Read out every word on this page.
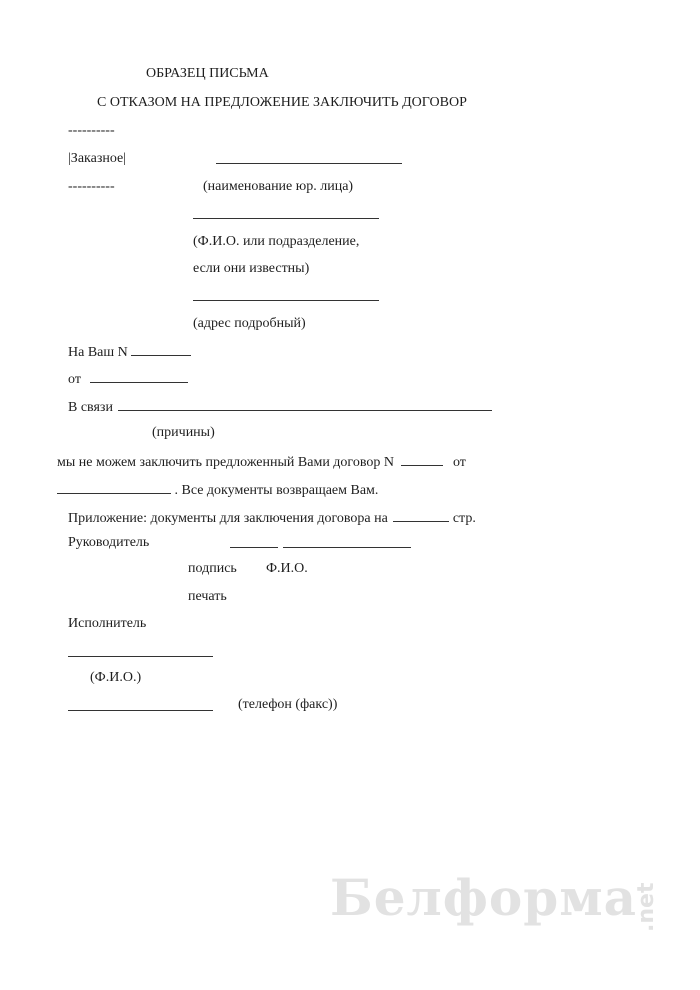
ОБРАЗЕЦ ПИСЬМА
С ОТКАЗОМ НА ПРЕДЛОЖЕНИЕ ЗАКЛЮЧИТЬ ДОГОВОР
----------
|Заказное|
----------	(наименование юр. лица)
(Ф.И.О. или подразделение,
если они известны)
(адрес подробный)
На Ваш N
от
В связи
(причины)
мы не можем заключить предложенный Вами договор N	от
. Все документы возвращаем Вам.
Приложение: документы для заключения договора на	стр.
Руководитель
подпись Ф.И.О.
печать
Исполнитель
(Ф.И.О.)
(телефон (факс))
Белформа
.net
